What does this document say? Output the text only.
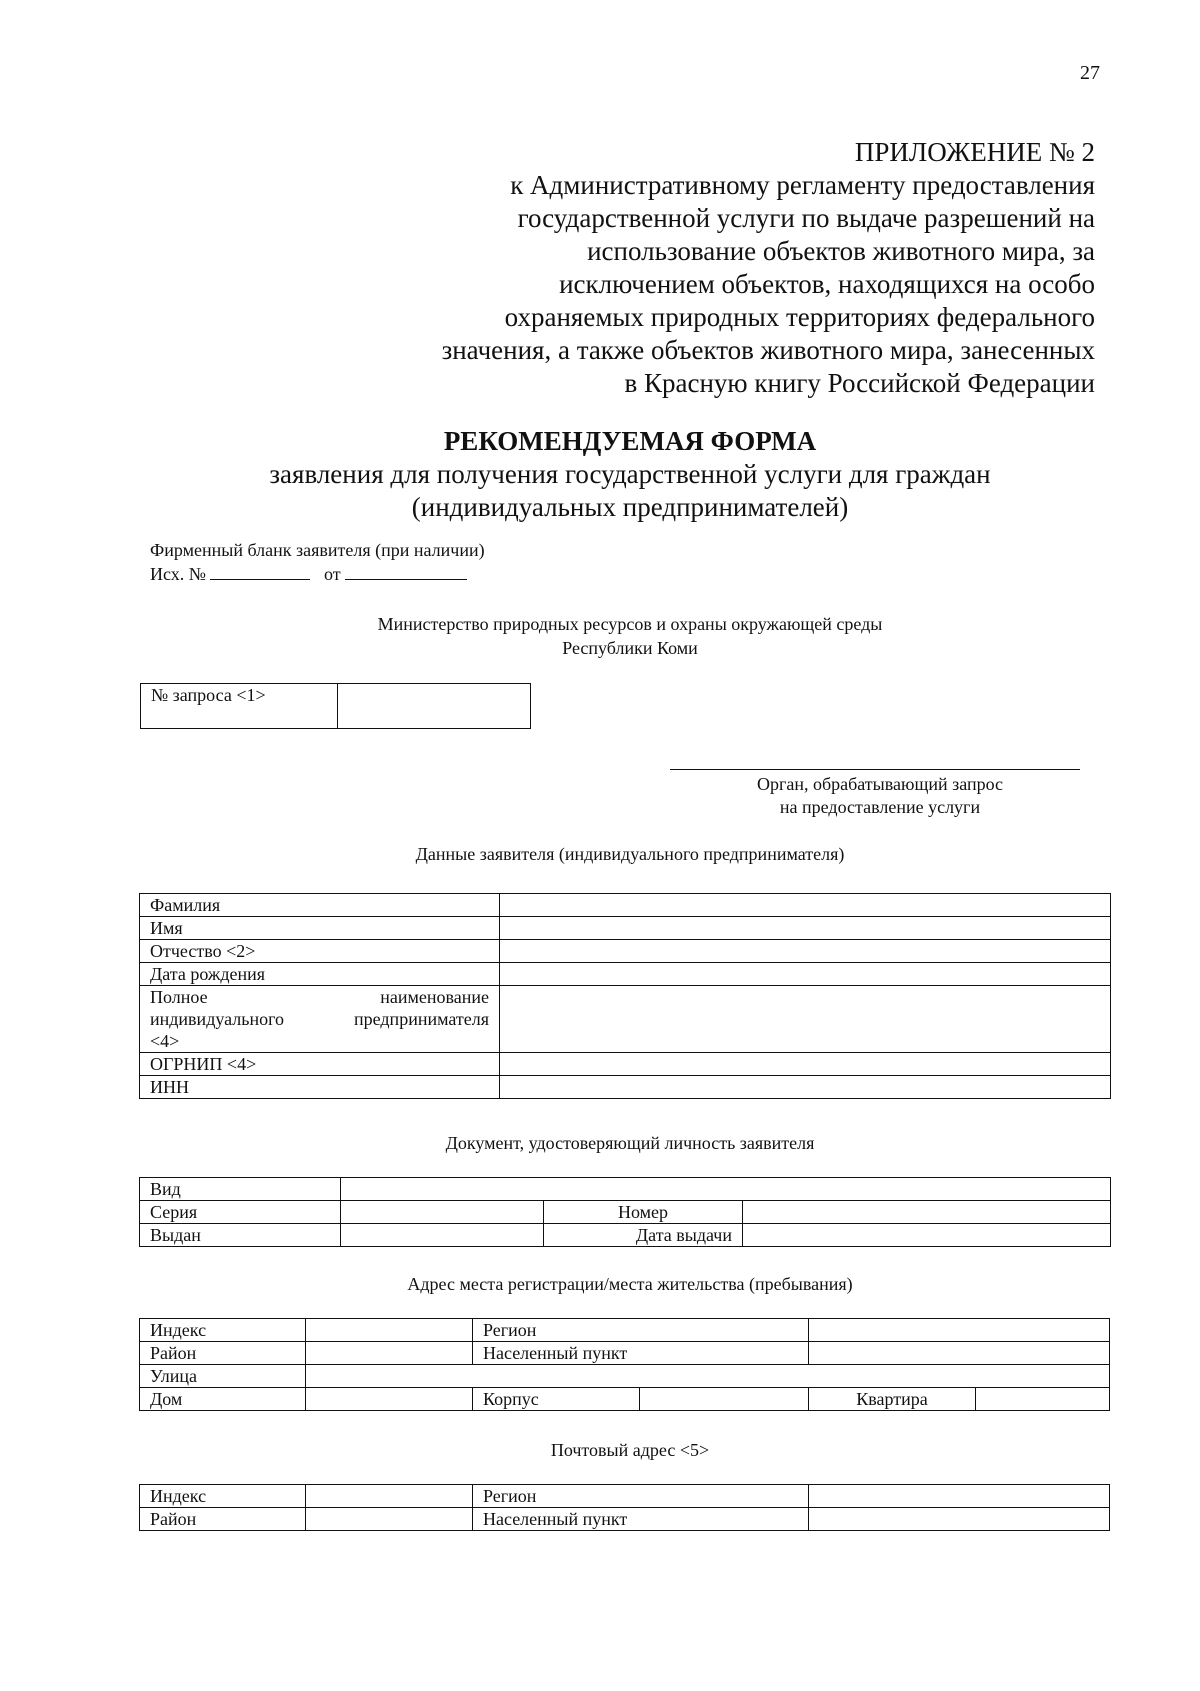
27
ПРИЛОЖЕНИЕ № 2
к Административному регламенту предоставления
государственной услуги по выдаче разрешений на
использование объектов животного мира, за
исключением объектов, находящихся на особо
охраняемых природных территориях федерального
значения, а также объектов животного мира, занесенных
в Красную книгу Российской Федерации
РЕКОМЕНДУЕМАЯ ФОРМА
заявления для получения государственной услуги для граждан
(индивидуальных предпринимателей)
Фирменный бланк заявителя (при наличии)
Исх. №	от
Министерство природных ресурсов и охраны окружающей среды
Республики Коми
№ запроса <1>	
Орган, обрабатывающий запрос
на предоставление услуги
Данные заявителя (индивидуального предпринимателя)
Фамилия	
Имя	
Отчество <2>	
Дата рождения	

Полное наименование
индивидуального предпринимателя
<4>	

ОГРНИП <4>	
ИНН	
Документ, удостоверяющий личность заявителя
Вид			
Серия		Номер	
Выдан		Дата выдачи	
Адрес места регистрации/места жительства (пребывания)
Индекс		Регион			
Район		Населенный пункт			
Улица					
Дом		Корпус		Квартира	
Почтовый адрес <5>
Индекс		Регион	
Район		Населенный пункт	
